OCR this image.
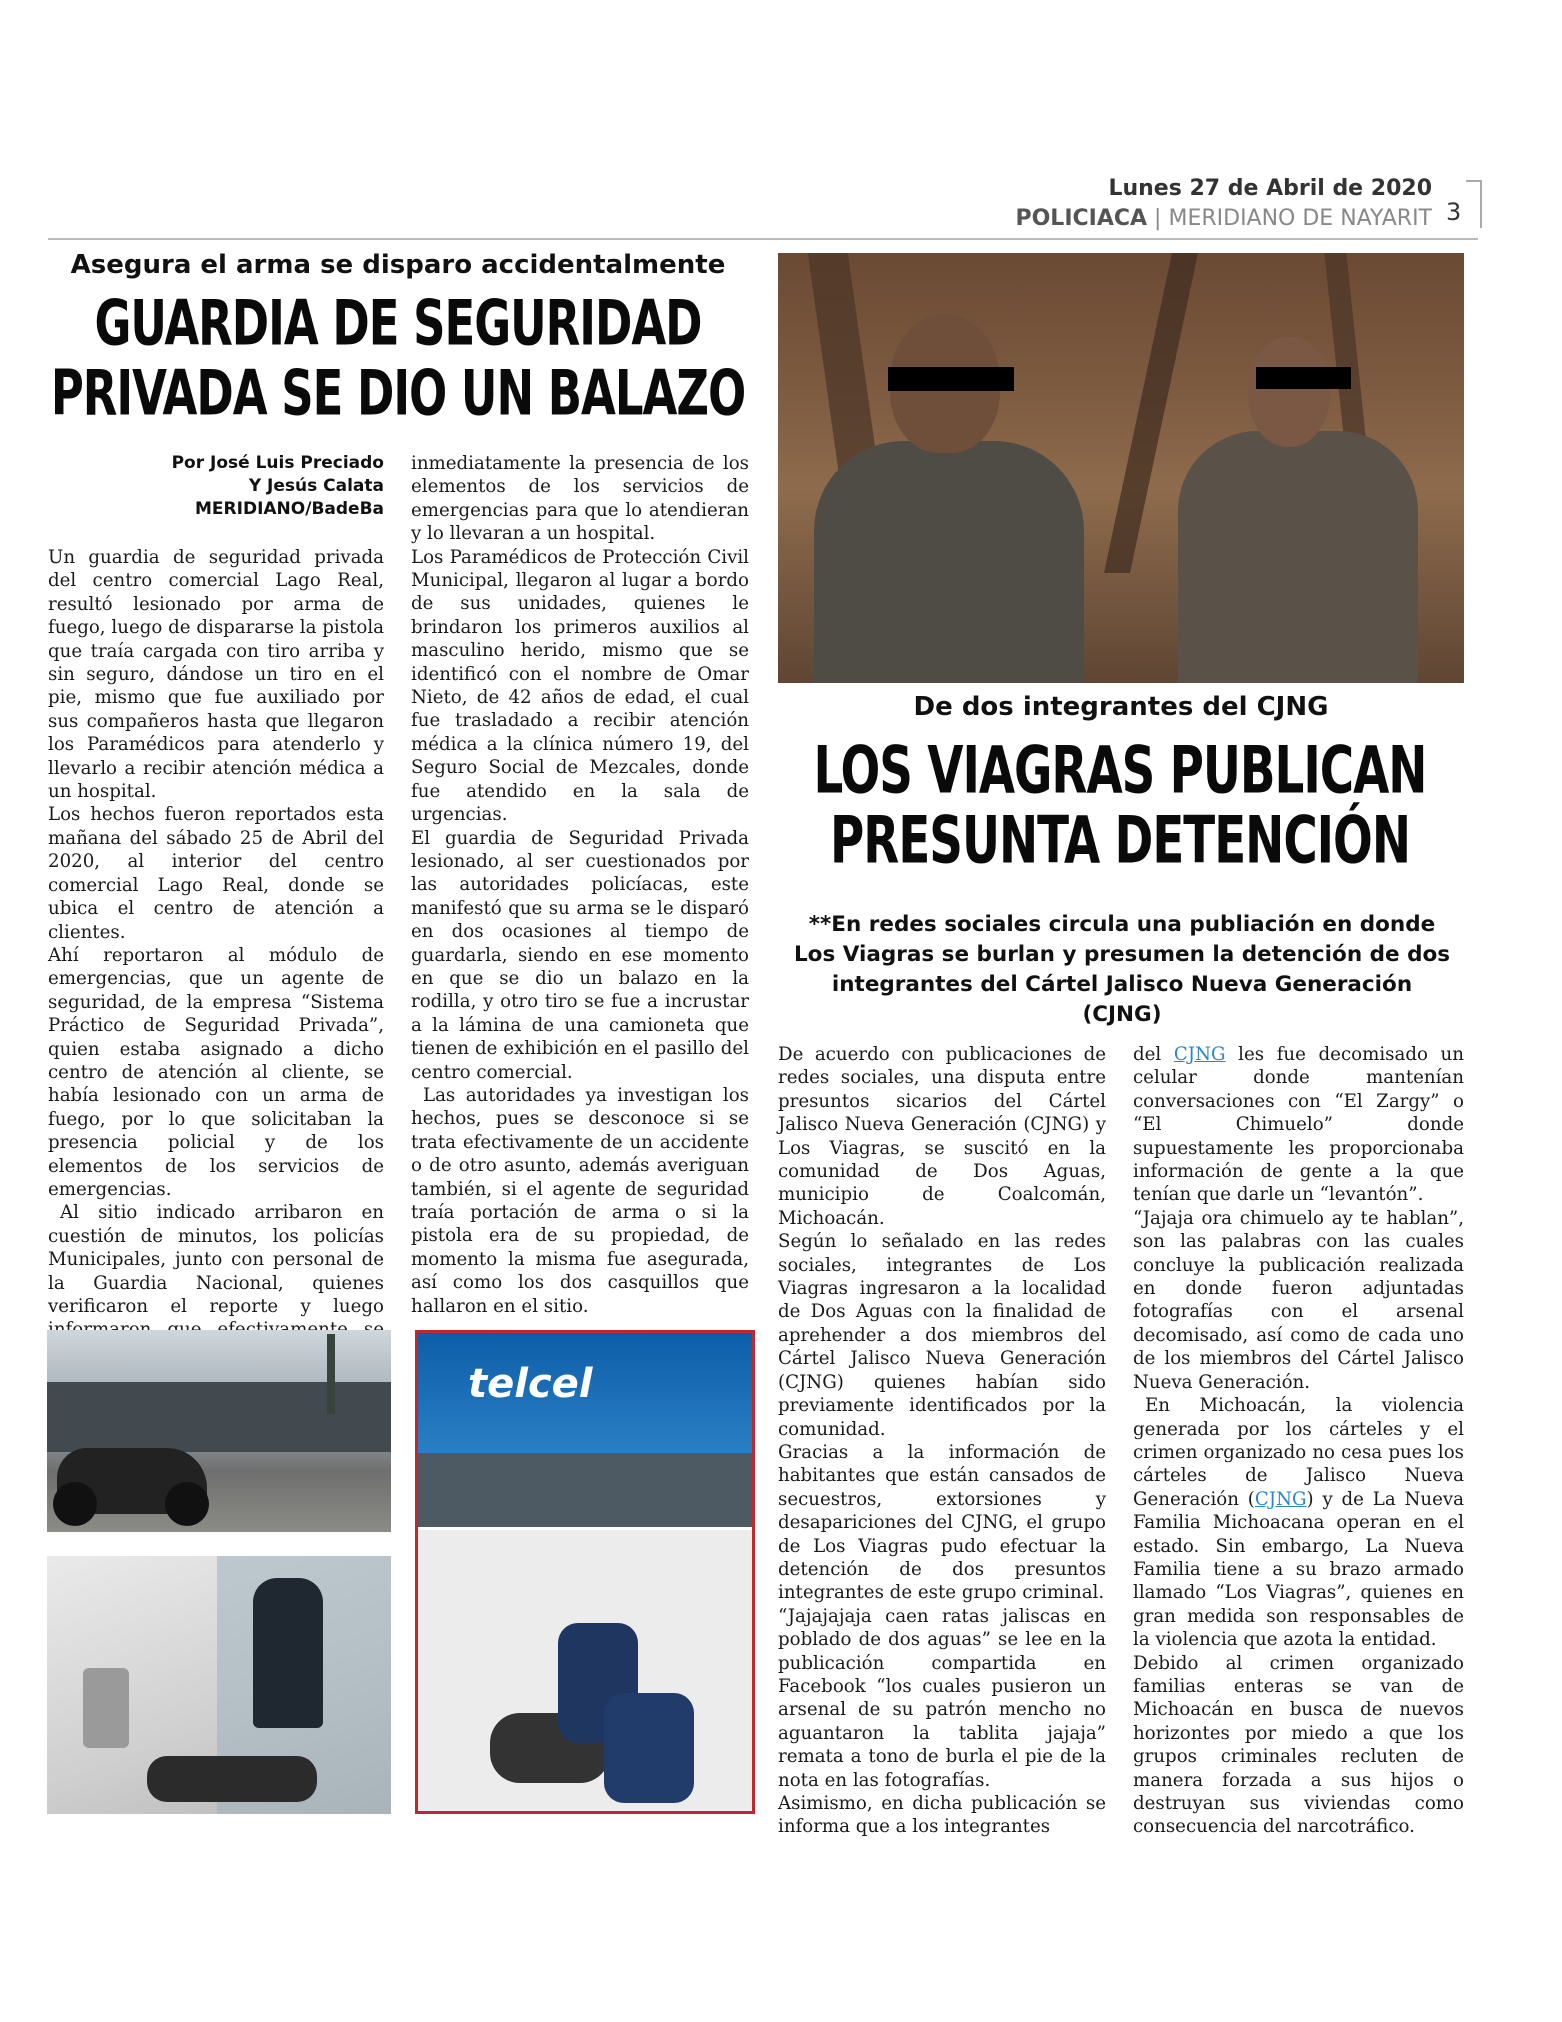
Lunes 27 de Abril de 2020
POLICIACA | MERIDIANO DE NAYARIT 3
Asegura el arma se disparo accidentalmente
GUARDIA DE SEGURIDAD
PRIVADA SE DIO UN BALAZO
Por José Luis Preciado
Y Jesús Calata
MERIDIANO/BadeBa

Un guardia de seguridad privada del centro comercial Lago Real, resultó lesionado por arma de fuego, luego de dispararse la pistola que traía cargada con tiro arriba y sin seguro, dándose un tiro en el pie, mismo que fue auxiliado por sus compañeros hasta que llegaron los Paramédicos para atenderlo y llevarlo a recibir atención médica a un hospital.

Los hechos fueron reportados esta mañana del sábado 25 de Abril del 2020, al interior del centro comercial Lago Real, donde se ubica el centro de atención a clientes.

Ahí reportaron al módulo de emergencias, que un agente de seguridad, de la empresa “Sistema Práctico de Seguridad Privada”, quien estaba asignado a dicho centro de atención al cliente, se había lesionado con un arma de fuego, por lo que solicitaban la presencia policial y de los elementos de los servicios de emergencias.

Al sitio indicado arribaron en cuestión de minutos, los policías Municipales, junto con personal de la Guardia Nacional, quienes verificaron el reporte y luego

inmediatamente la presencia de los elementos de los servicios de emergencias para que lo atendieran y lo llevaran a un hospital.

Los Paramédicos de Protección Civil Municipal, llegaron al lugar a bordo de sus unidades, quienes le brindaron los primeros auxilios al masculino herido, mismo que se identificó con el nombre de Omar Nieto, de 42 años de edad, el cual fue trasladado a recibir atención médica a la clínica número 19, del Seguro Social de Mezcales, donde fue atendido en la sala de urgencias.

El guardia de Seguridad Privada lesionado, al ser cuestionados por las autoridades policíacas, este manifestó que su arma se le disparó en dos ocasiones al tiempo de guardarla, siendo en ese momento en que se dio un balazo en la rodilla, y otro tiro se fue a incrustar a la lámina de una camioneta que tienen de exhibición en el pasillo del centro comercial.

Las autoridades ya investigan los hechos, pues se desconoce si se trata efectivamente de un accidente o de otro asunto, además averiguan también, si el agente de seguridad traía portación de arma o si la pistola era de su propiedad, de momento la misma fue asegurada, así como los dos casquillos que hallaron en el sitio.

telcel
De dos integrantes del CJNG
LOS VIAGRAS PUBLICAN
PRESUNTA DETENCIÓN
**En redes sociales circula una publiación en donde Los Viagras se burlan y presumen la detención de dos integrantes del Cártel Jalisco Nueva Generación (CJNG)

De acuerdo con publicaciones de redes sociales, una disputa entre presuntos sicarios del Cártel Jalisco Nueva Generación (CJNG) y Los Viagras, se suscitó en la comunidad de Dos Aguas, municipio de Coalcomán, Michoacán.

Según lo señalado en las redes sociales, integrantes de Los Viagras ingresaron a la localidad de Dos Aguas con la finalidad de aprehender a dos miembros del Cártel Jalisco Nueva Generación (CJNG) quienes habían sido previamente identificados por la comunidad.

Gracias a la información de habitantes que están cansados de secuestros, extorsiones y desapariciones del CJNG, el grupo de Los Viagras pudo efectuar la detención de dos presuntos integrantes de este grupo criminal.

“Jajajajaja caen ratas jaliscas en poblado de dos aguas” se lee en la publicación compartida en Facebook “los cuales pusieron un arsenal de su patrón mencho no aguantaron la tablita jajaja” remata a tono de burla el pie de la nota en las fotografías.

Asimismo, en dicha publicación se informa que a los integrantes

del CJNG les fue decomisado un celular donde mantenían conversaciones con “El Zargy” o “El Chimuelo” donde supuestamente les proporcionaba información de gente a la que tenían que darle un “levantón”.

“Jajaja ora chimuelo ay te hablan”, son las palabras con las cuales concluye la publicación realizada en donde fueron adjuntadas fotografías con el arsenal decomisado, así como de cada uno de los miembros del Cártel Jalisco Nueva Generación.

En Michoacán, la violencia generada por los cárteles y el crimen organizado no cesa pues los cárteles de Jalisco Nueva Generación (CJNG) y de La Nueva Familia Michoacana operan en el estado. Sin embargo, La Nueva Familia tiene a su brazo armado llamado “Los Viagras”, quienes en gran medida son responsables de la violencia que azota la entidad.

Debido al crimen organizado familias enteras se van de Michoacán en busca de nuevos horizontes por miedo a que los grupos criminales recluten de manera forzada a sus hijos o destruyan sus viviendas como consecuencia del narcotráfico.
